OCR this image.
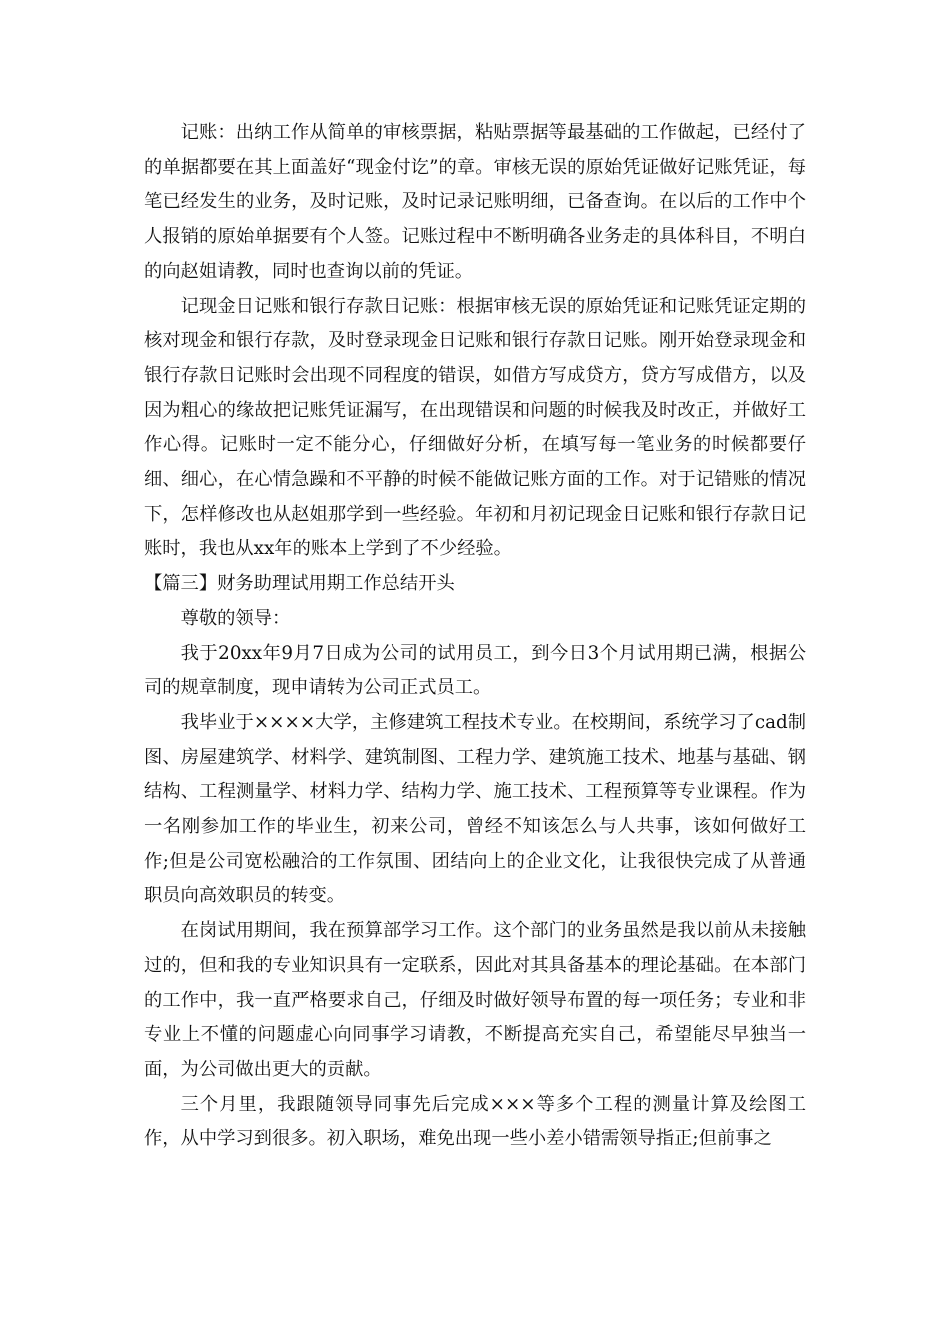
记账：出纳工作从简单的审核票据，粘贴票据等最基础的工作做起，已经付了的单据都要在其上面盖好“现金付讫”的章。审核无误的原始凭证做好记账凭证，每笔已经发生的业务，及时记账，及时记录记账明细，已备查询。在以后的工作中个人报销的原始单据要有个人签。记账过程中不断明确各业务走的具体科目，不明白的向赵姐请教，同时也查询以前的凭证。

记现金日记账和银行存款日记账：根据审核无误的原始凭证和记账凭证定期的核对现金和银行存款，及时登录现金日记账和银行存款日记账。刚开始登录现金和银行存款日记账时会出现不同程度的错误，如借方写成贷方，贷方写成借方，以及因为粗心的缘故把记账凭证漏写，在出现错误和问题的时候我及时改正，并做好工作心得。记账时一定不能分心，仔细做好分析，在填写每一笔业务的时候都要仔细、细心，在心情急躁和不平静的时候不能做记账方面的工作。对于记错账的情况下，怎样修改也从赵姐那学到一些经验。年初和月初记现金日记账和银行存款日记账时，我也从xx年的账本上学到了不少经验。

【篇三】财务助理试用期工作总结开头

尊敬的领导：

我于20xx年9月7日成为公司的试用员工，到今日3个月试用期已满，根据公司的规章制度，现申请转为公司正式员工。

我毕业于××××大学，主修建筑工程技术专业。在校期间，系统学习了cad制图、房屋建筑学、材料学、建筑制图、工程力学、建筑施工技术、地基与基础、钢结构、工程测量学、材料力学、结构力学、施工技术、工程预算等专业课程。作为一名刚参加工作的毕业生，初来公司，曾经不知该怎么与人共事，该如何做好工作;但是公司宽松融洽的工作氛围、团结向上的企业文化，让我很快完成了从普通职员向高效职员的转变。

在岗试用期间，我在预算部学习工作。这个部门的业务虽然是我以前从未接触过的，但和我的专业知识具有一定联系，因此对其具备基本的理论基础。在本部门的工作中，我一直严格要求自己，仔细及时做好领导布置的每一项任务；专业和非专业上不懂的问题虚心向同事学习请教，不断提高充实自己，希望能尽早独当一面，为公司做出更大的贡献。

三个月里，我跟随领导同事先后完成×××等多个工程的测量计算及绘图工作，从中学习到很多。初入职场，难免出现一些小差小错需领导指正;但前事之
